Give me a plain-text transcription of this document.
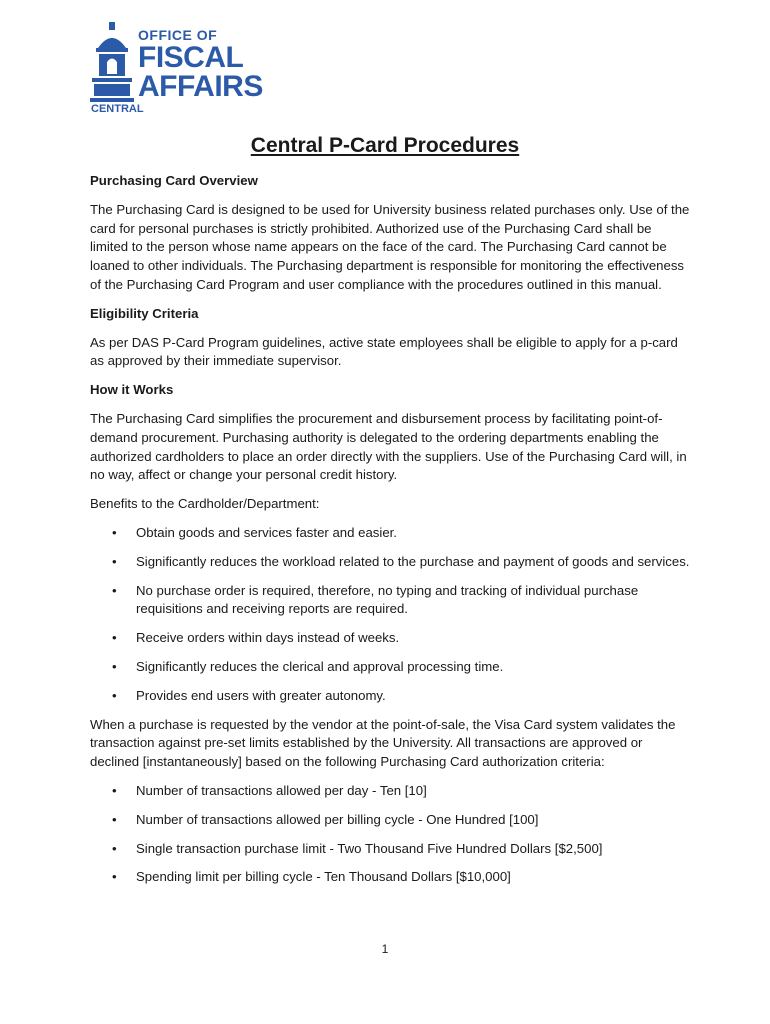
OFFICE OF
FISCAL
AFFAIRS
CENTRAL
Central P-Card Procedures
Purchasing Card Overview

The Purchasing Card is designed to be used for University business related purchases only. Use of the card for personal purchases is strictly prohibited. Authorized use of the Purchasing Card shall be limited to the person whose name appears on the face of the card. The Purchasing Card cannot be loaned to other individuals. The Purchasing department is responsible for monitoring the effectiveness of the Purchasing Card Program and user compliance with the procedures outlined in this manual.

Eligibility Criteria

As per DAS P-Card Program guidelines, active state employees shall be eligible to apply for a p-card as approved by their immediate supervisor.

How it Works

The Purchasing Card simplifies the procurement and disbursement process by facilitating point-of-demand procurement. Purchasing authority is delegated to the ordering departments enabling the authorized cardholders to place an order directly with the suppliers. Use of the Purchasing Card will, in no way, affect or change your personal credit history.

Benefits to the Cardholder/Department:

• Obtain goods and services faster and easier.
• Significantly reduces the workload related to the purchase and payment of goods and services.
• No purchase order is required, therefore, no typing and tracking of individual purchase requisitions and receiving reports are required.
• Receive orders within days instead of weeks.
• Significantly reduces the clerical and approval processing time.
• Provides end users with greater autonomy.

When a purchase is requested by the vendor at the point-of-sale, the Visa Card system validates the transaction against pre-set limits established by the University. All transactions are approved or declined [instantaneously] based on the following Purchasing Card authorization criteria:

• Number of transactions allowed per day - Ten [10]
• Number of transactions allowed per billing cycle - One Hundred [100]
• Single transaction purchase limit - Two Thousand Five Hundred Dollars [$2,500]
• Spending limit per billing cycle - Ten Thousand Dollars [$10,000]
1
